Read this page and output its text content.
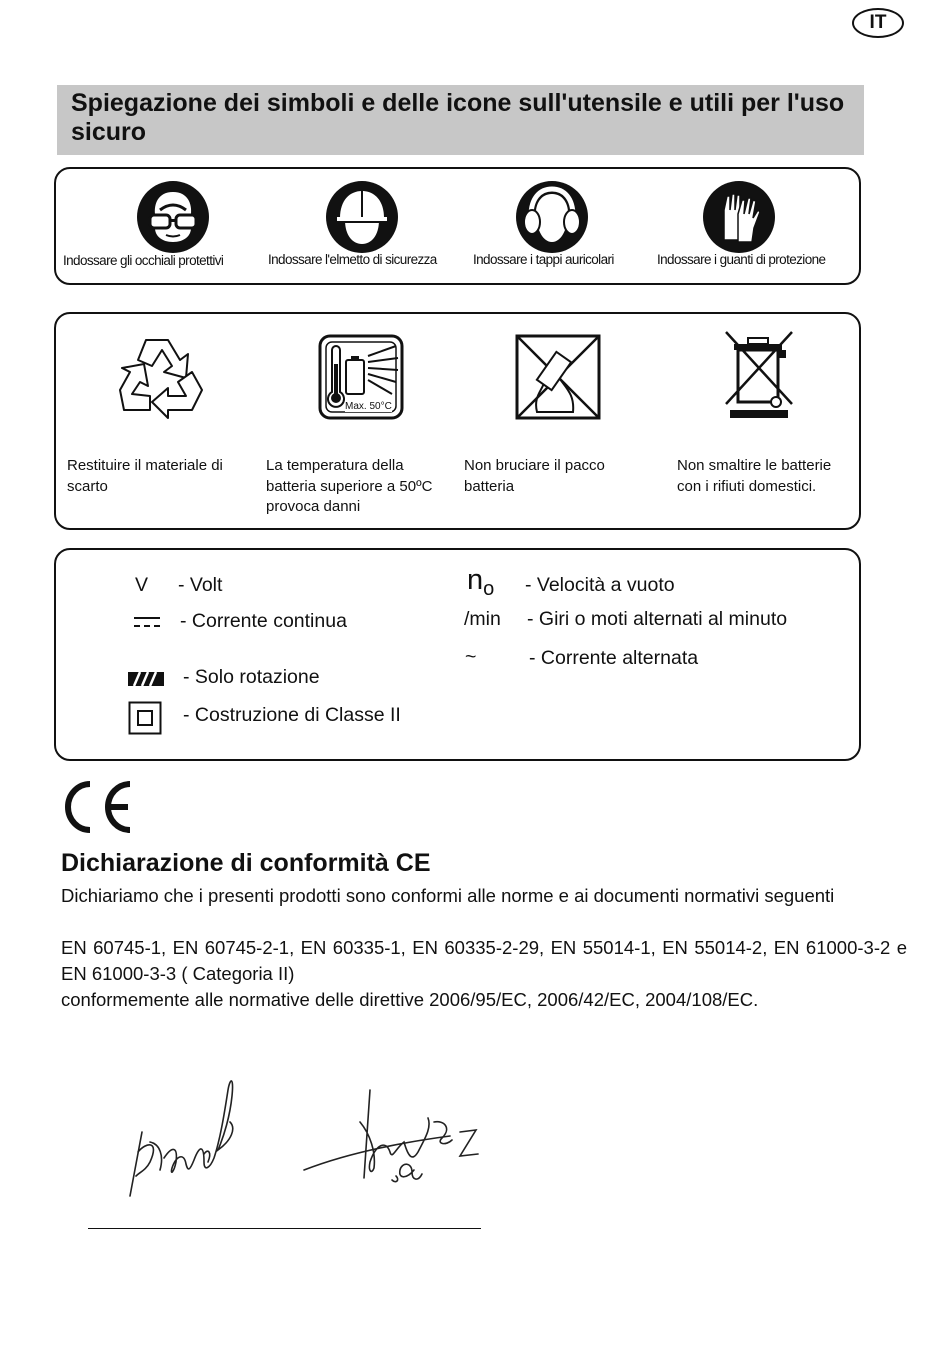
IT
Spiegazione dei simboli e delle icone sull'utensile e utili per l'uso sicuro
Indossare gli occhiali protettivi	Indossare l'elmetto di sicurezza	Indossare i tappi auricolari	Indossare i guanti di protezione
Max. 50°C
Restituire il materiale di scarto
La temperatura della batteria superiore a 50ºC provoca danni
Non bruciare il pacco batteria
Non smaltire le batterie con i rifiuti domestici.
V - Volt
- Corrente continua
- Solo rotazione
- Costruzione di Classe II
$n_o$ - Velocità a vuoto
/min - Giri o moti alternati al minuto
~	- Corrente alternata
Dichiarazione di conformità CE
Dichiariamo che i presenti prodotti sono conformi alle norme e ai documenti normativi seguenti
EN 60745-1, EN 60745-2-1, EN 60335-1, EN 60335-2-29, EN 55014-1, EN 55014-2, EN 61000-3-2 e EN 61000-3-3 ( Categoria II)
conformemente alle normative delle direttive 2006/95/EC, 2006/42/EC, 2004/108/EC.
